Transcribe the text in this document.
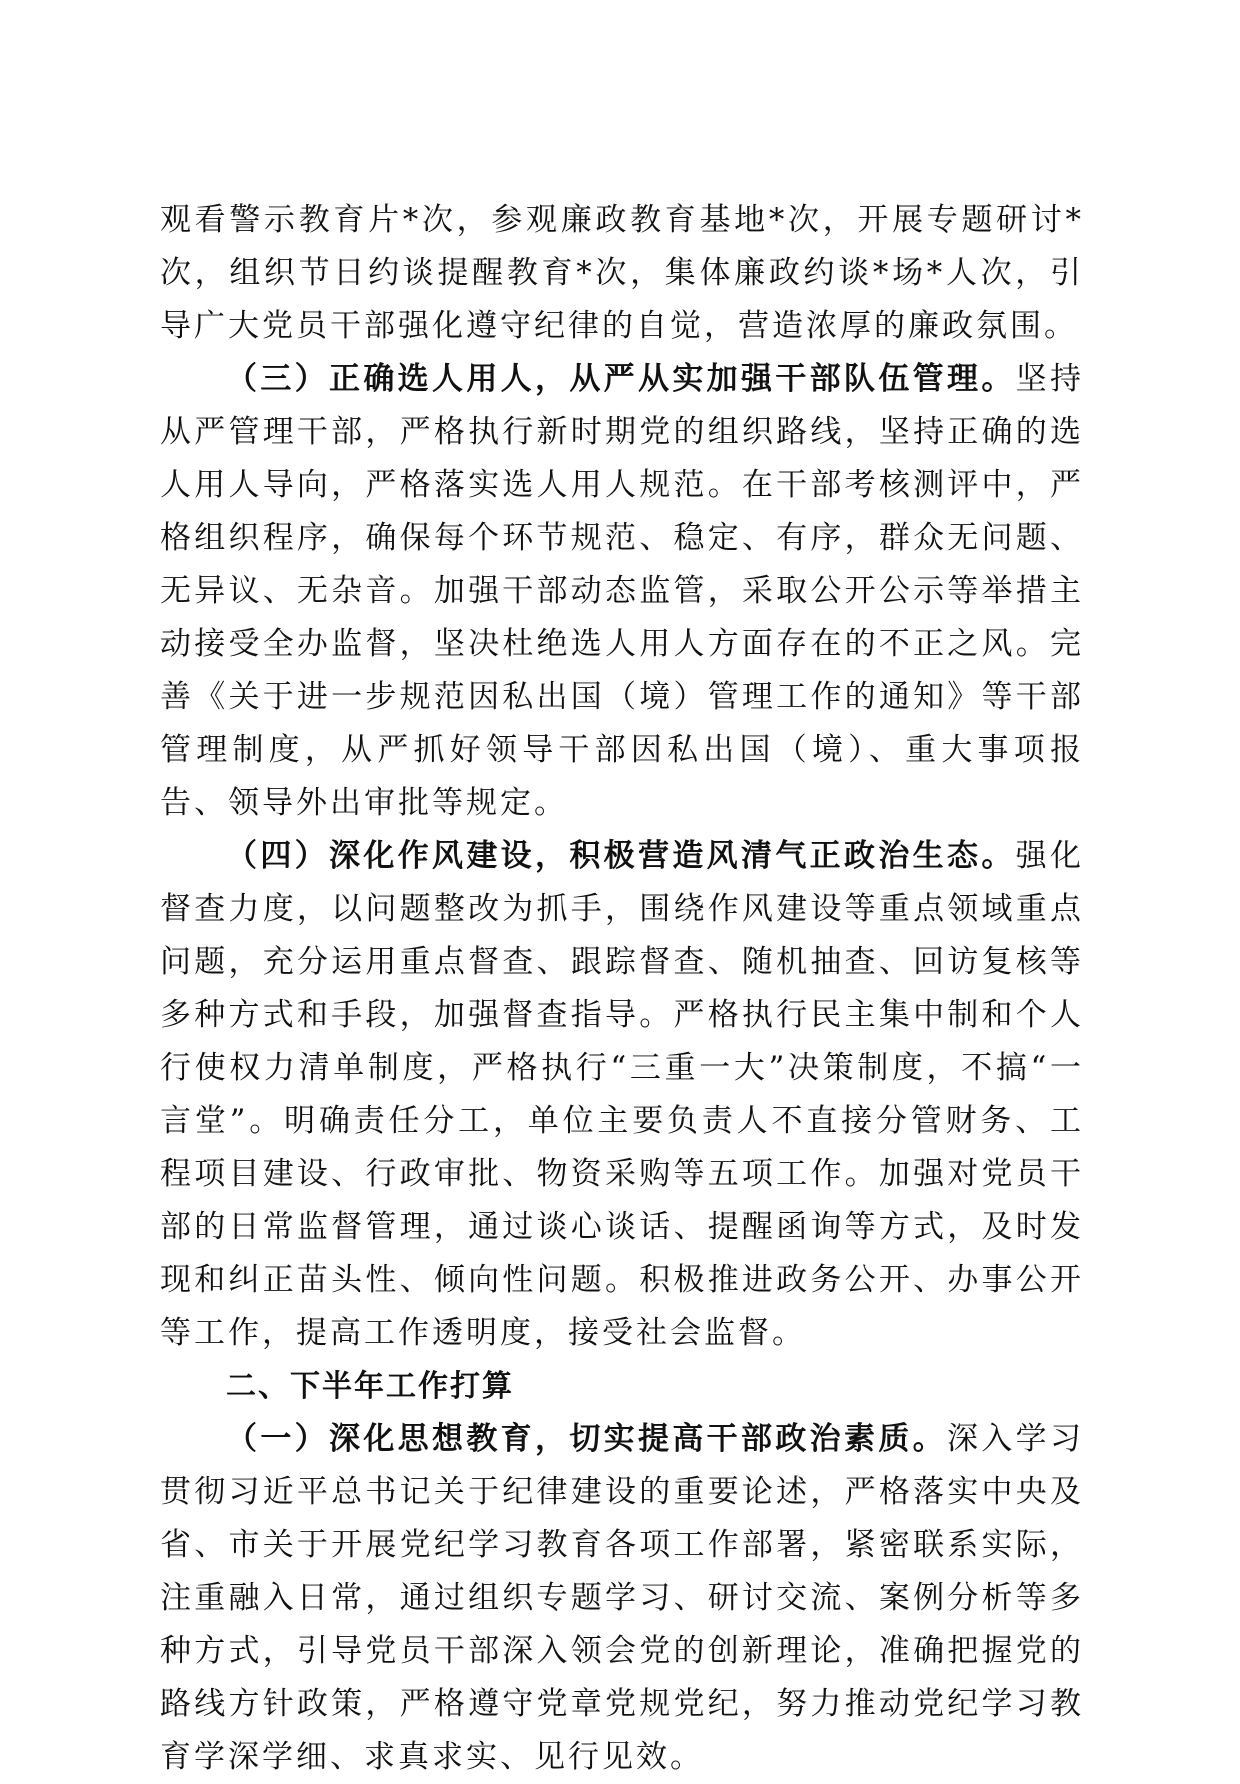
观看警示教育片*次，参观廉政教育基地*次，开展专题研讨*次，组织节日约谈提醒教育*次，集体廉政约谈*场*人次，引导广大党员干部强化遵守纪律的自觉，营造浓厚的廉政氛围。

（三）正确选人用人，从严从实加强干部队伍管理。坚持从严管理干部，严格执行新时期党的组织路线，坚持正确的选人用人导向，严格落实选人用人规范。在干部考核测评中，严格组织程序，确保每个环节规范、稳定、有序，群众无问题、无异议、无杂音。加强干部动态监管，采取公开公示等举措主动接受全办监督，坚决杜绝选人用人方面存在的不正之风。完善《关于进一步规范因私出国（境）管理工作的通知》等干部管理制度，从严抓好领导干部因私出国（境）、重大事项报告、领导外出审批等规定。

（四）深化作风建设，积极营造风清气正政治生态。强化督查力度，以问题整改为抓手，围绕作风建设等重点领域重点问题，充分运用重点督查、跟踪督查、随机抽查、回访复核等多种方式和手段，加强督查指导。严格执行民主集中制和个人行使权力清单制度，严格执行“三重一大”决策制度，不搞“一言堂”。明确责任分工，单位主要负责人不直接分管财务、工程项目建设、行政审批、物资采购等五项工作。加强对党员干部的日常监督管理，通过谈心谈话、提醒函询等方式，及时发现和纠正苗头性、倾向性问题。积极推进政务公开、办事公开等工作，提高工作透明度，接受社会监督。

二、下半年工作打算

（一）深化思想教育，切实提高干部政治素质。深入学习贯彻习近平总书记关于纪律建设的重要论述，严格落实中央及省、市关于开展党纪学习教育各项工作部署，紧密联系实际，注重融入日常，通过组织专题学习、研讨交流、案例分析等多种方式，引导党员干部深入领会党的创新理论，准确把握党的路线方针政策，严格遵守党章党规党纪，努力推动党纪学习教育学深学细、求真求实、见行见效。
